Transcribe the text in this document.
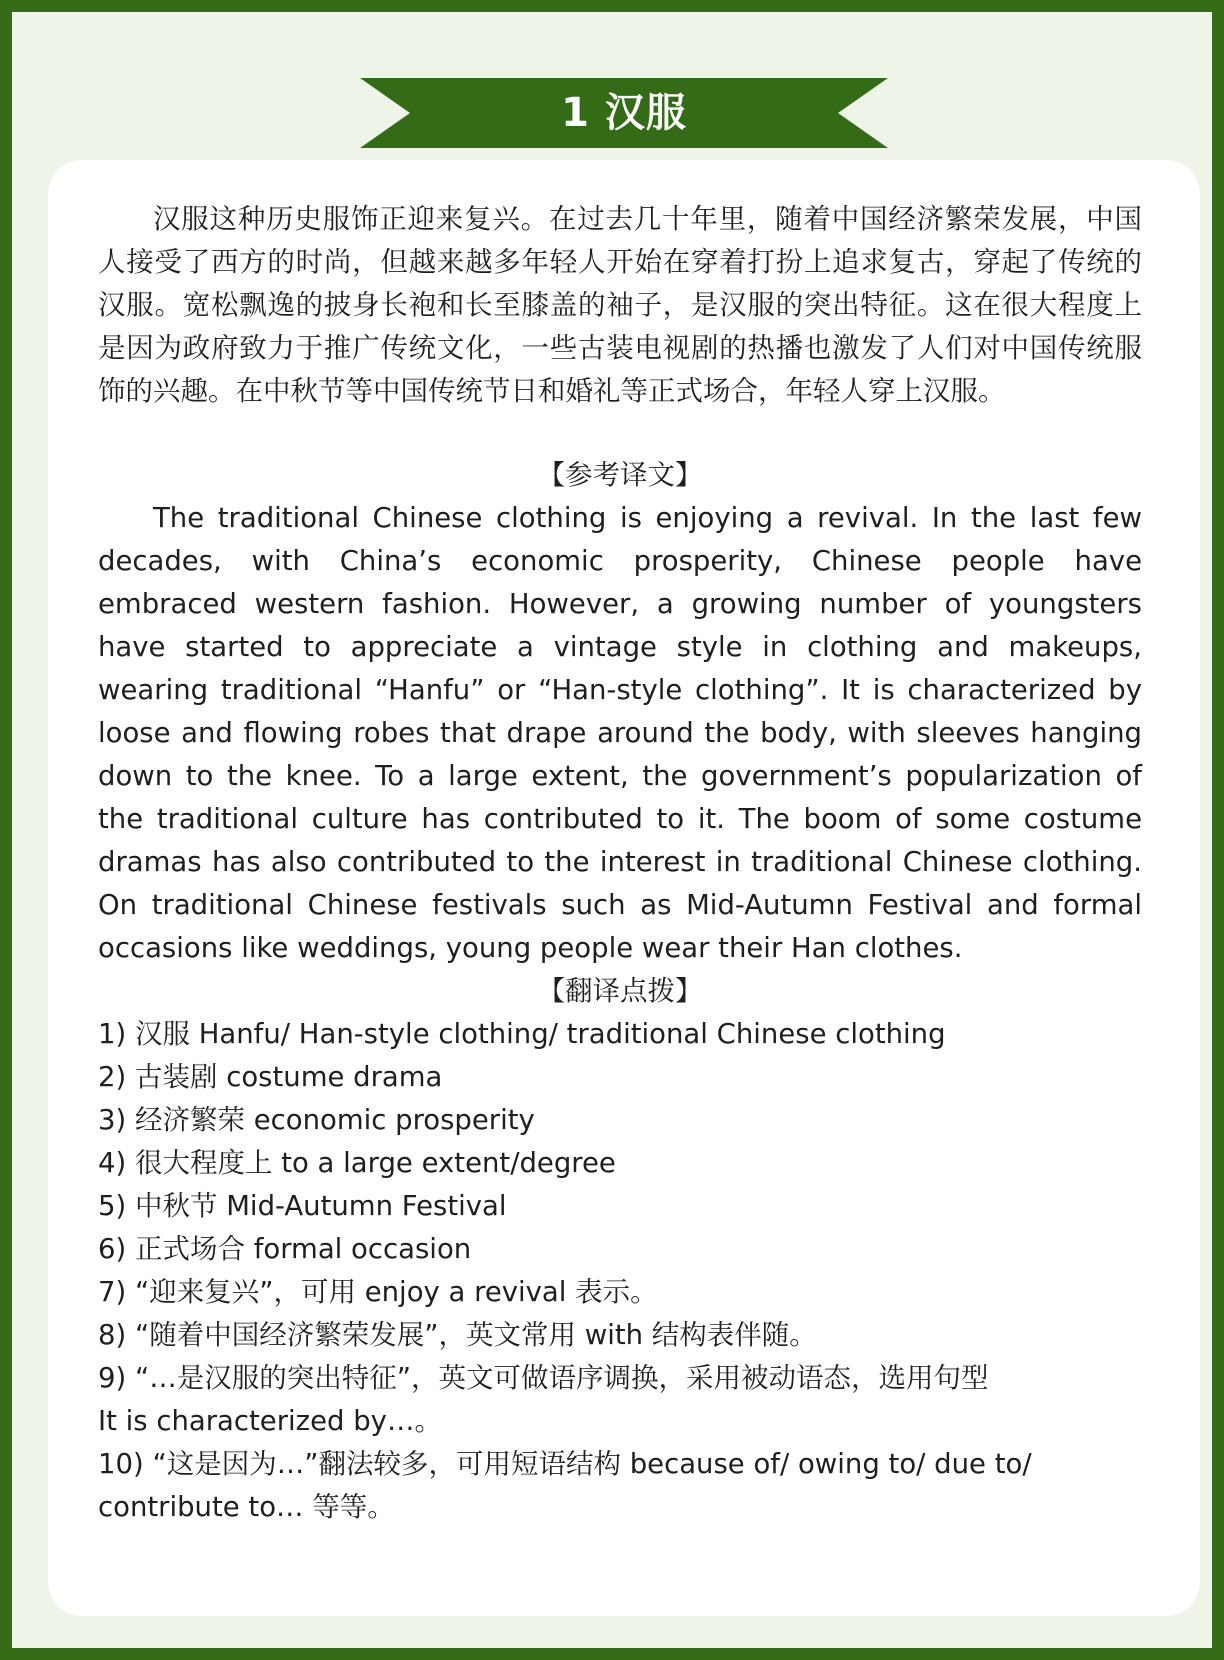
1 汉服

汉服这种历史服饰正迎来复兴。在过去几十年里，随着中国经济繁荣发展，中国人接受了西方的时尚，但越来越多年轻人开始在穿着打扮上追求复古，穿起了传统的汉服。宽松飘逸的披身长袍和长至膝盖的袖子，是汉服的突出特征。这在很大程度上是因为政府致力于推广传统文化，一些古装电视剧的热播也激发了人们对中国传统服饰的兴趣。在中秋节等中国传统节日和婚礼等正式场合，年轻人穿上汉服。

【参考译文】

The traditional Chinese clothing is enjoying a revival. In the last few decades, with China’s economic prosperity, Chinese people have embraced western fashion. However, a growing number of youngsters have started to appreciate a vintage style in clothing and makeups, wearing traditional “Hanfu” or “Han-style clothing”. It is characterized by loose and flowing robes that drape around the body, with sleeves hanging down to the knee. To a large extent, the government’s popularization of the traditional culture has contributed to it. The boom of some costume dramas has also contributed to the interest in traditional Chinese clothing. On traditional Chinese festivals such as Mid-Autumn Festival and formal occasions like weddings, young people wear their Han clothes.

【翻译点拨】

1) 汉服 Hanfu/ Han-style clothing/ traditional Chinese clothing
2) 古装剧 costume drama
3) 经济繁荣 economic prosperity
4) 很大程度上 to a large extent/degree
5) 中秋节 Mid-Autumn Festival
6) 正式场合 formal occasion
7) “迎来复兴”，可用 enjoy a revival 表示。
8) “随着中国经济繁荣发展”，英文常用 with 结构表伴随。
9) “…是汉服的突出特征”，英文可做语序调换，采用被动语态，选用句型
It is characterized by…。
10) “这是因为…”翻法较多，可用短语结构 because of/ owing to/ due to/
contribute to… 等等。
